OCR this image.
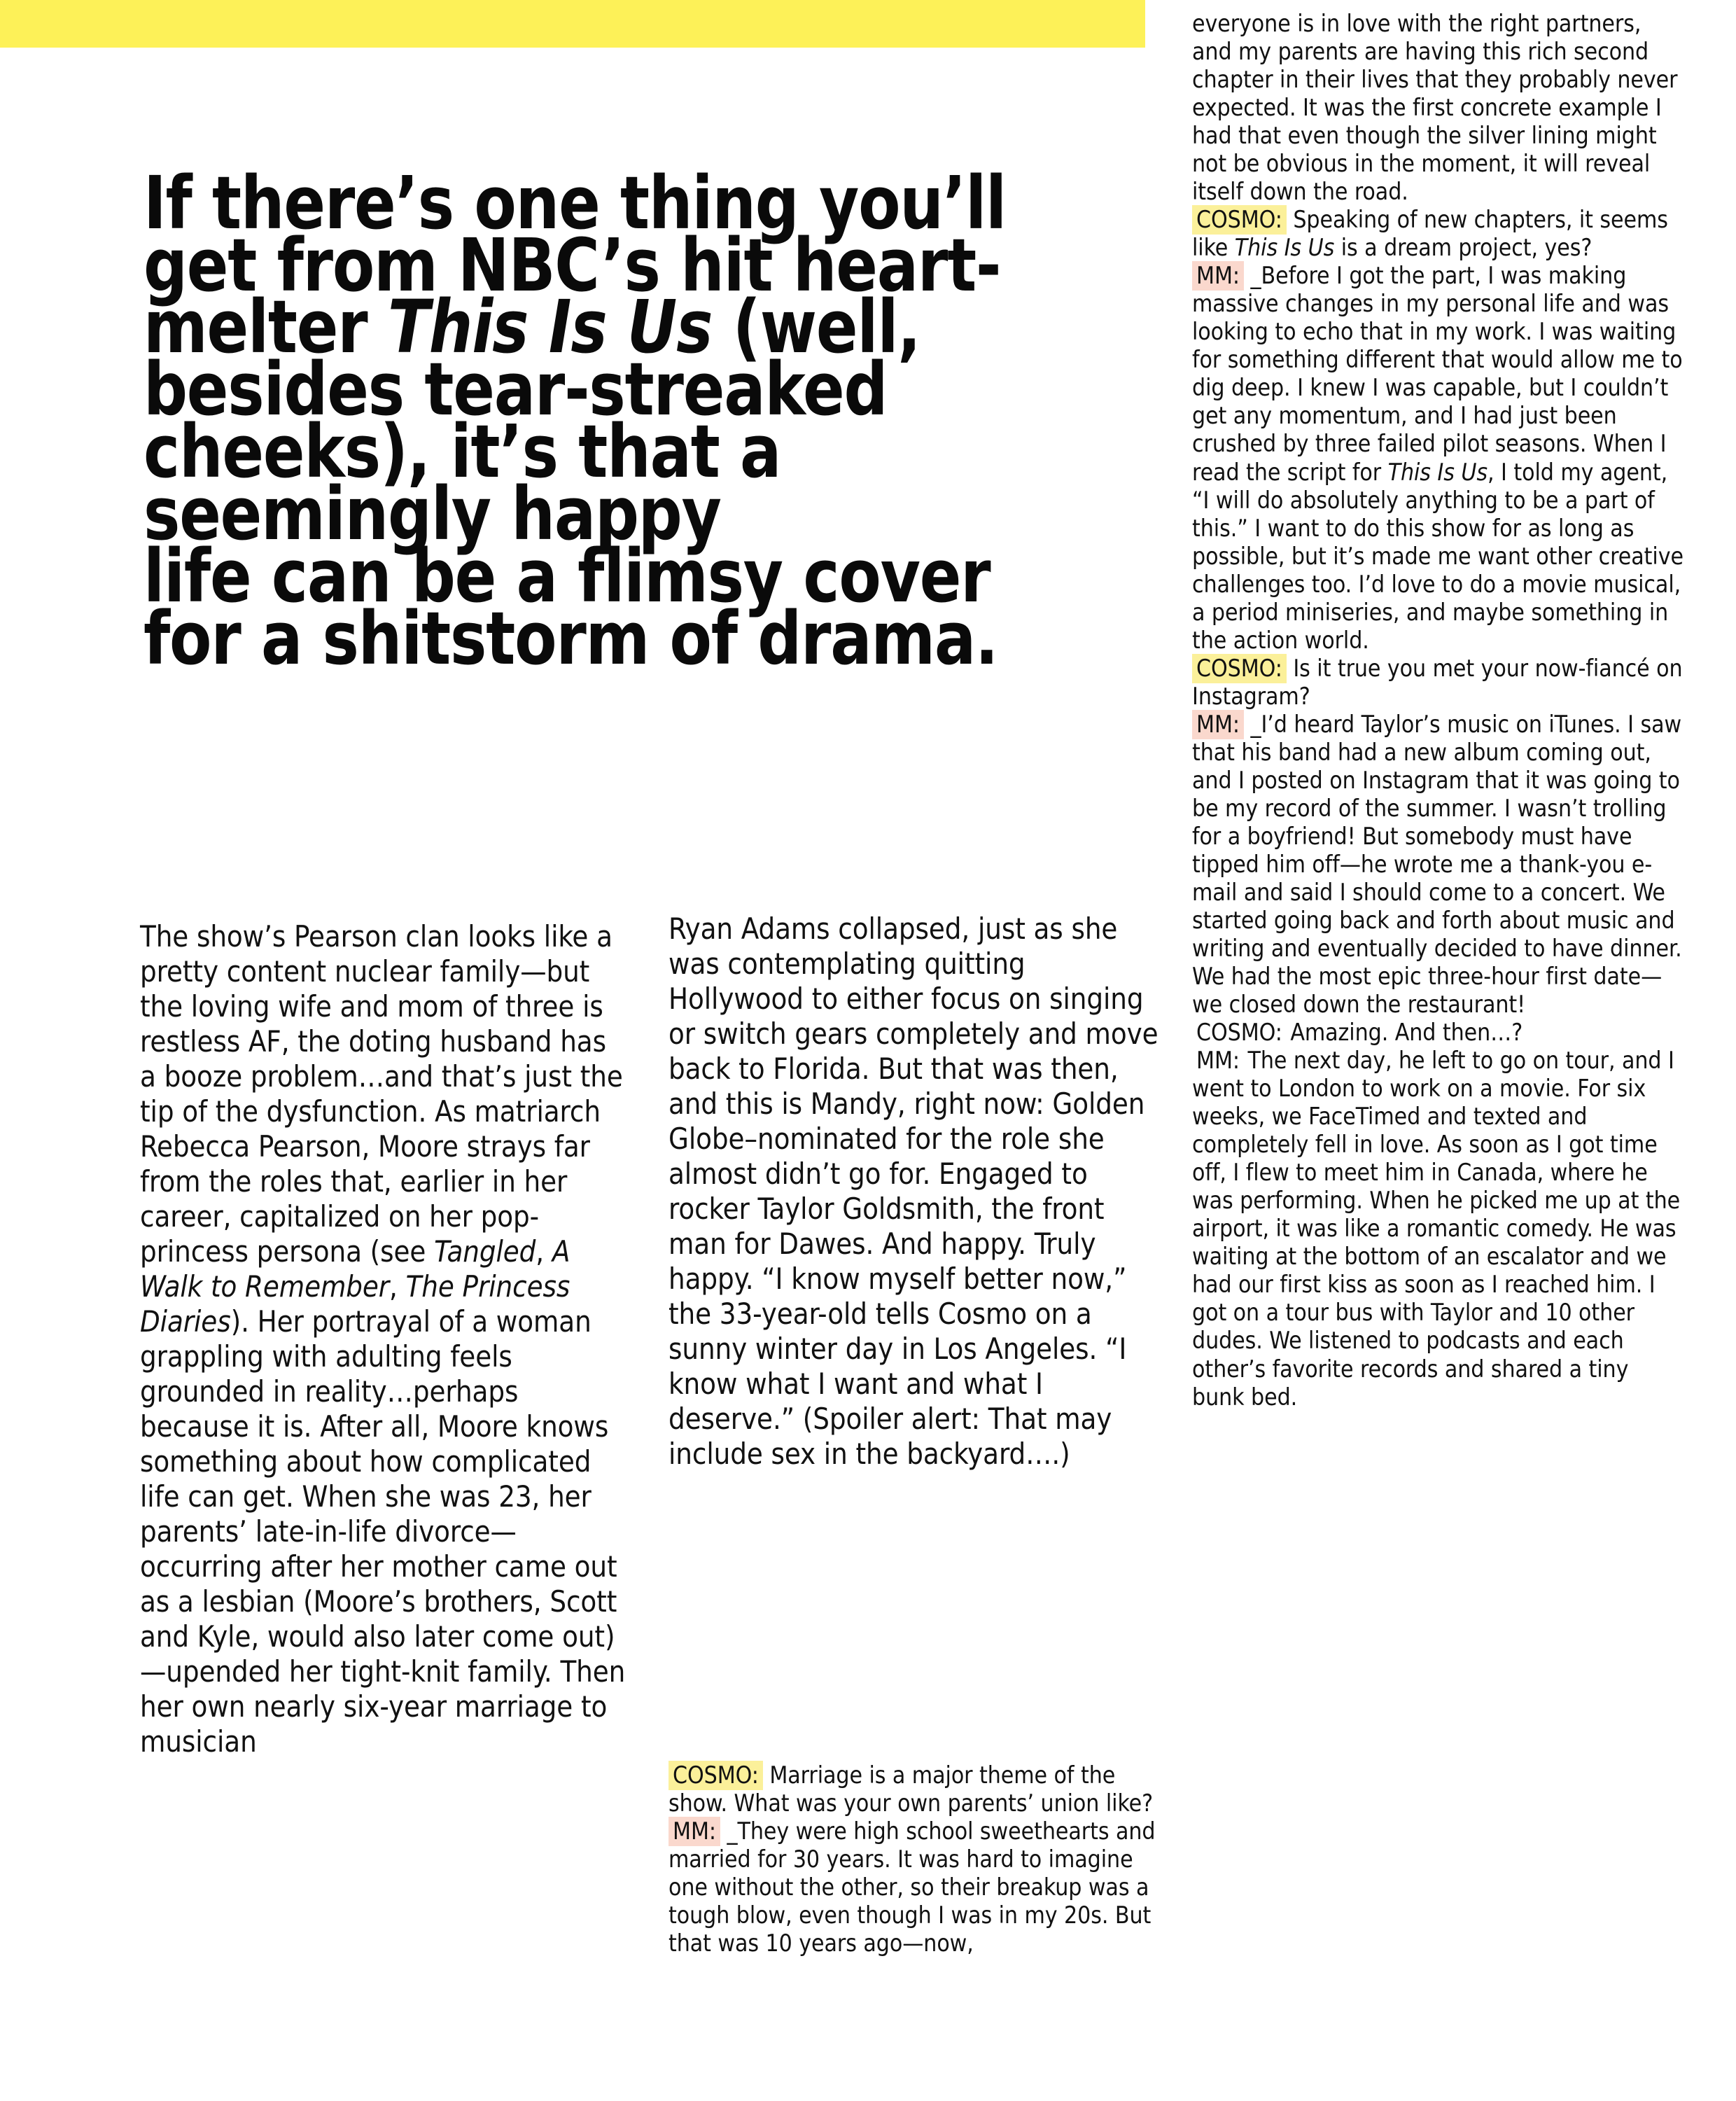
If there’s one thing you’ll
get from NBC’s hit heart-
melter This Is Us (well,
besides tear-streaked
cheeks), it’s that a
seemingly happy
life can be a flimsy cover
for a shitstorm of drama.

The show’s Pearson clan looks like a pretty content nuclear family—but the loving wife and mom of three is restless AF, the doting husband has a booze problem…and that’s just the tip of the dysfunction. As matriarch Rebecca Pearson, Moore strays far from the roles that, earlier in her career, capitalized on her pop-princess persona (see Tangled, A Walk to Remember, The Princess Diaries). Her portrayal of a woman grappling with adulting feels grounded in reality…perhaps because it is. After all, Moore knows something about how complicated life can get. When she was 23, her parents’ late-in-life divorce—occurring after her mother came out as a lesbian (Moore’s brothers, Scott and Kyle, would also later come out)—upended her tight-knit family. Then her own nearly six-year marriage to musician

Ryan Adams collapsed, just as she was contemplating quitting Hollywood to either focus on singing or switch gears completely and move back to Florida. But that was then, and this is Mandy, right now: Golden Globe–nominated for the role she almost didn’t go for. Engaged to rocker Taylor Goldsmith, the front man for Dawes. And happy. Truly happy. “I know myself better now,” the 33-year-old tells Cosmo on a sunny winter day in Los Angeles. “I know what I want and what I deserve.” (Spoiler alert: That may include sex in the backyard….)

COSMO: Marriage is a major theme of the show. What was your own parents’ union like?

MM: _They were high school sweethearts and married for 30 years. It was hard to imagine one without the other, so their breakup was a tough blow, even though I was in my 20s. But that was 10 years ago—now,

everyone is in love with the right partners, and my parents are having this rich second chapter in their lives that they probably never expected. It was the first concrete example I had that even though the silver lining might not be obvious in the moment, it will reveal itself down the road.

COSMO: Speaking of new chapters, it seems like This Is Us is a dream project, yes?

MM: _Before I got the part, I was making massive changes in my personal life and was looking to echo that in my work. I was waiting for something different that would allow me to dig deep. I knew I was capable, but I couldn’t get any momentum, and I had just been crushed by three failed pilot seasons. When I read the script for This Is Us, I told my agent, “I will do absolutely anything to be a part of this.” I want to do this show for as long as possible, but it’s made me want other creative challenges too. I’d love to do a movie musical, a period miniseries, and maybe something in the action world.

COSMO: Is it true you met your now-fiancé on Instagram?

MM: _I’d heard Taylor’s music on iTunes. I saw that his band had a new album coming out, and I posted on Instagram that it was going to be my record of the summer. I wasn’t trolling for a boyfriend! But somebody must have tipped him off—he wrote me a thank-you e-mail and said I should come to a concert. We started going back and forth about music and writing and eventually decided to have dinner. We had the most epic three-hour first date—we closed down the restaurant!

COSMO: Amazing. And then…?

MM: The next day, he left to go on tour, and I went to London to work on a movie. For six weeks, we FaceTimed and texted and completely fell in love. As soon as I got time off, I flew to meet him in Canada, where he was performing. When he picked me up at the airport, it was like a romantic comedy. He was waiting at the bottom of an escalator and we had our first kiss as soon as I reached him. I got on a tour bus with Taylor and 10 other dudes. We listened to podcasts and each other’s favorite records and shared a tiny bunk bed.
